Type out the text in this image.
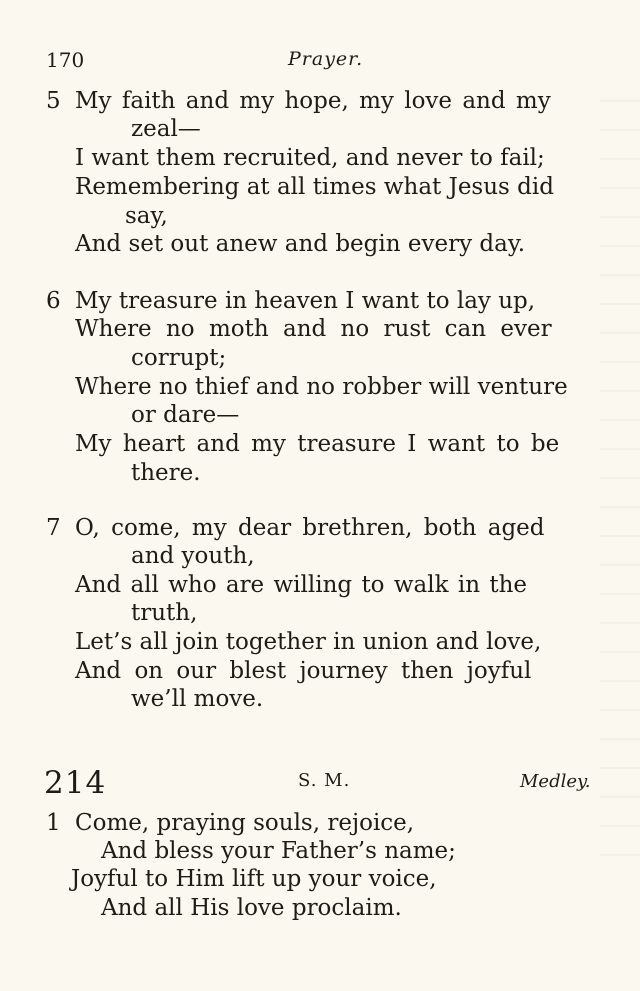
170	Prayer.
5 My faith and my hope, my love and my
zeal—
I want them recruited, and never to fail;
Remembering at all times what Jesus did
say,
And set out anew and begin every day.
6 My treasure in heaven I want to lay up,
Where no moth and no rust can ever
corrupt;
Where no thief and no robber will venture
or dare—
My heart and my treasure I want to be
there.
7 O, come, my dear brethren, both aged
and youth,
And all who are willing to walk in the
truth,
Let’s all join together in union and love,
And on our blest journey then joyful
we’ll move.
214	S. M.	Medley.
1 Come, praying souls, rejoice,
And bless your Father’s name;
Joyful to Him lift up your voice,
And all His love proclaim.
